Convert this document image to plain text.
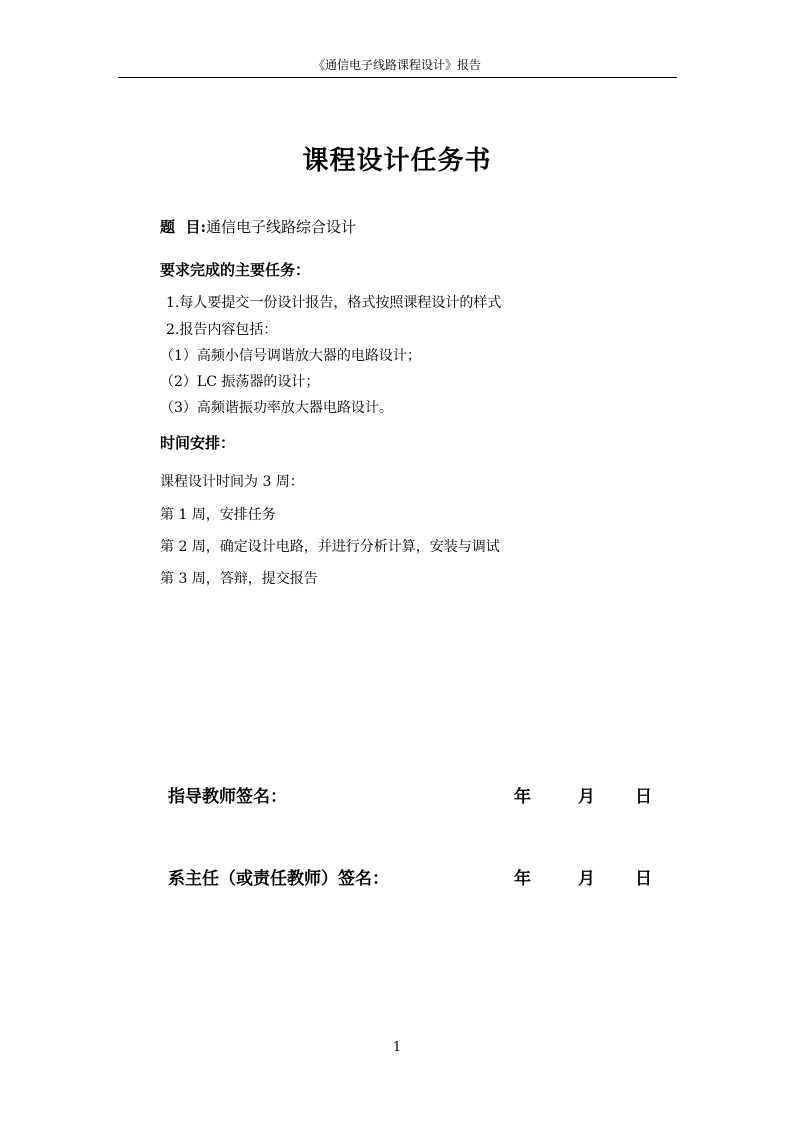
《通信电子线路课程设计》报告
课程设计任务书
题  目:通信电子线路综合设计
要求完成的主要任务：
1.每人要提交一份设计报告，格式按照课程设计的样式
2.报告内容包括：
（1）高频小信号调谐放大器的电路设计；
（2）LC 振荡器的设计；
（3）高频谐振功率放大器电路设计。
时间安排：
课程设计时间为 3 周：
第 1 周，安排任务
第 2 周，确定设计电路，并进行分析计算，安装与调试
第 3 周，答辩，提交报告
指导教师签名：	年	月 日
系主任（或责任教师）签名：	年	月 日
1
